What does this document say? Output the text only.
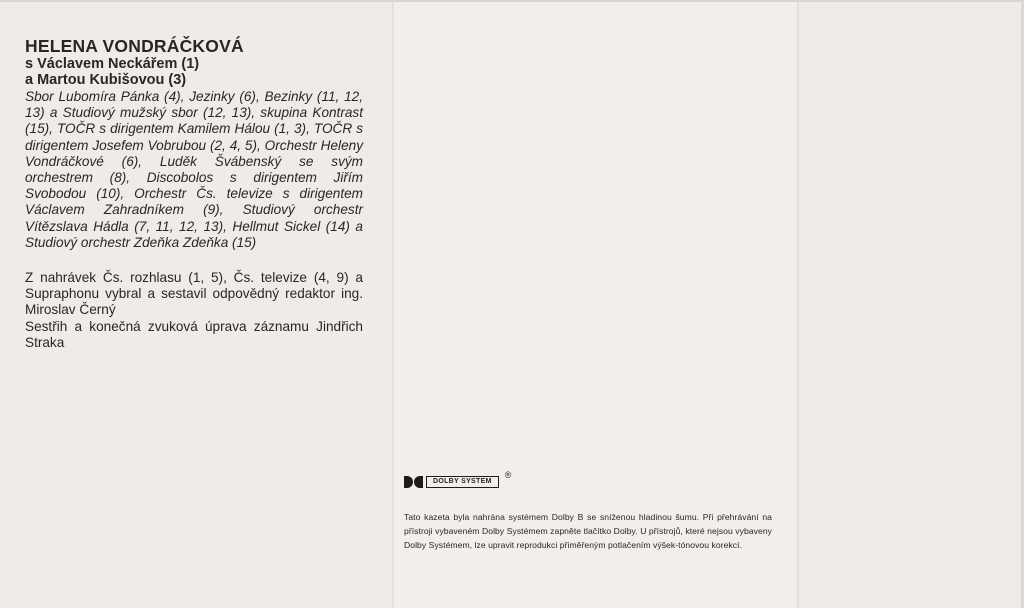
HELENA VONDRÁČKOVÁ
s Václavem Neckářem (1)
a Martou Kubišovou (3)
Sbor Lubomíra Pánka (4), Jezinky (6), Bezinky (11, 12, 13) a Studiový mužský sbor (12, 13), skupina Kontrast (15), TOČR s dirigentem Kamilem Hálou (1, 3), TOČR s dirigentem Josefem Vobrubou (2, 4, 5), Orchestr Heleny Vondráčkové (6), Luděk Švábenský se svým orchestrem (8), Discobolos s dirigentem Jiřím Svobodou (10), Orchestr Čs. televize s dirigentem Václavem Zahradníkem (9), Studiový orchestr Vítězslava Hádla (7, 11, 12, 13), Hellmut Sickel (14) a Studiový orchestr Zdeňka Zdeňka (15)

Z nahrávek Čs. rozhlasu (1, 5), Čs. televize (4, 9) a Supraphonu vybral a sestavil odpovědný redaktor ing. Miroslav Černý

Sestřih a konečná zvuková úprava záznamu Jindřich Straka

DOLBY SYSTEM
®
Tato kazeta byla nahrána systémem Dolby B se sníženou hladinou šumu. Při přehrávání na přístroji vybaveném Dolby Systémem zapněte tlačítko Dolby. U přístrojů, které nejsou vybaveny Dolby Systémem, lze upravit reprodukci přiměřeným potlačením výšek-tónovou korekcí.
